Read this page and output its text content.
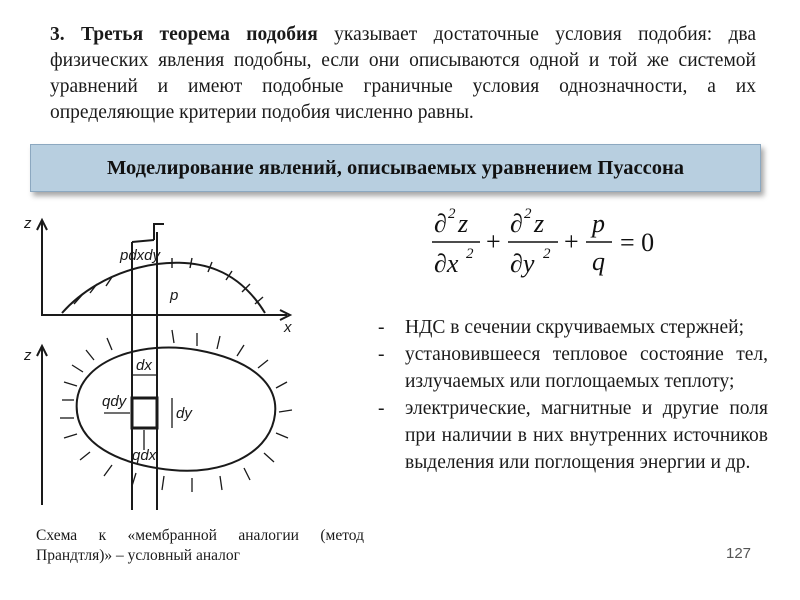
3. Третья теорема подобия указывает достаточные условия подобия: два физических явления подобны, если они описываются одной и той же системой уравнений и имеют подобные граничные условия однозначности, а их определяющие критерии подобия численно равны.

Моделирование явлений, описываемых уравнением Пуассона
z
z
x
pdxdy
p
dx
dy
qdy
qdx
∂ 2 z
∂x 2 +
∂ 2 z
∂y 2 +
p
q
= 0
-	НДС в сечении скручиваемых стержней;
-	установившееся тепловое состояние тел, излучаемых или поглощаемых теплоту;
-	электрические, магнитные и другие поля при наличии в них внутренних источников выделения или поглощения энергии и др.

Схема к «мембранной аналогии (метод Прандтля)» – условный аналог	127
